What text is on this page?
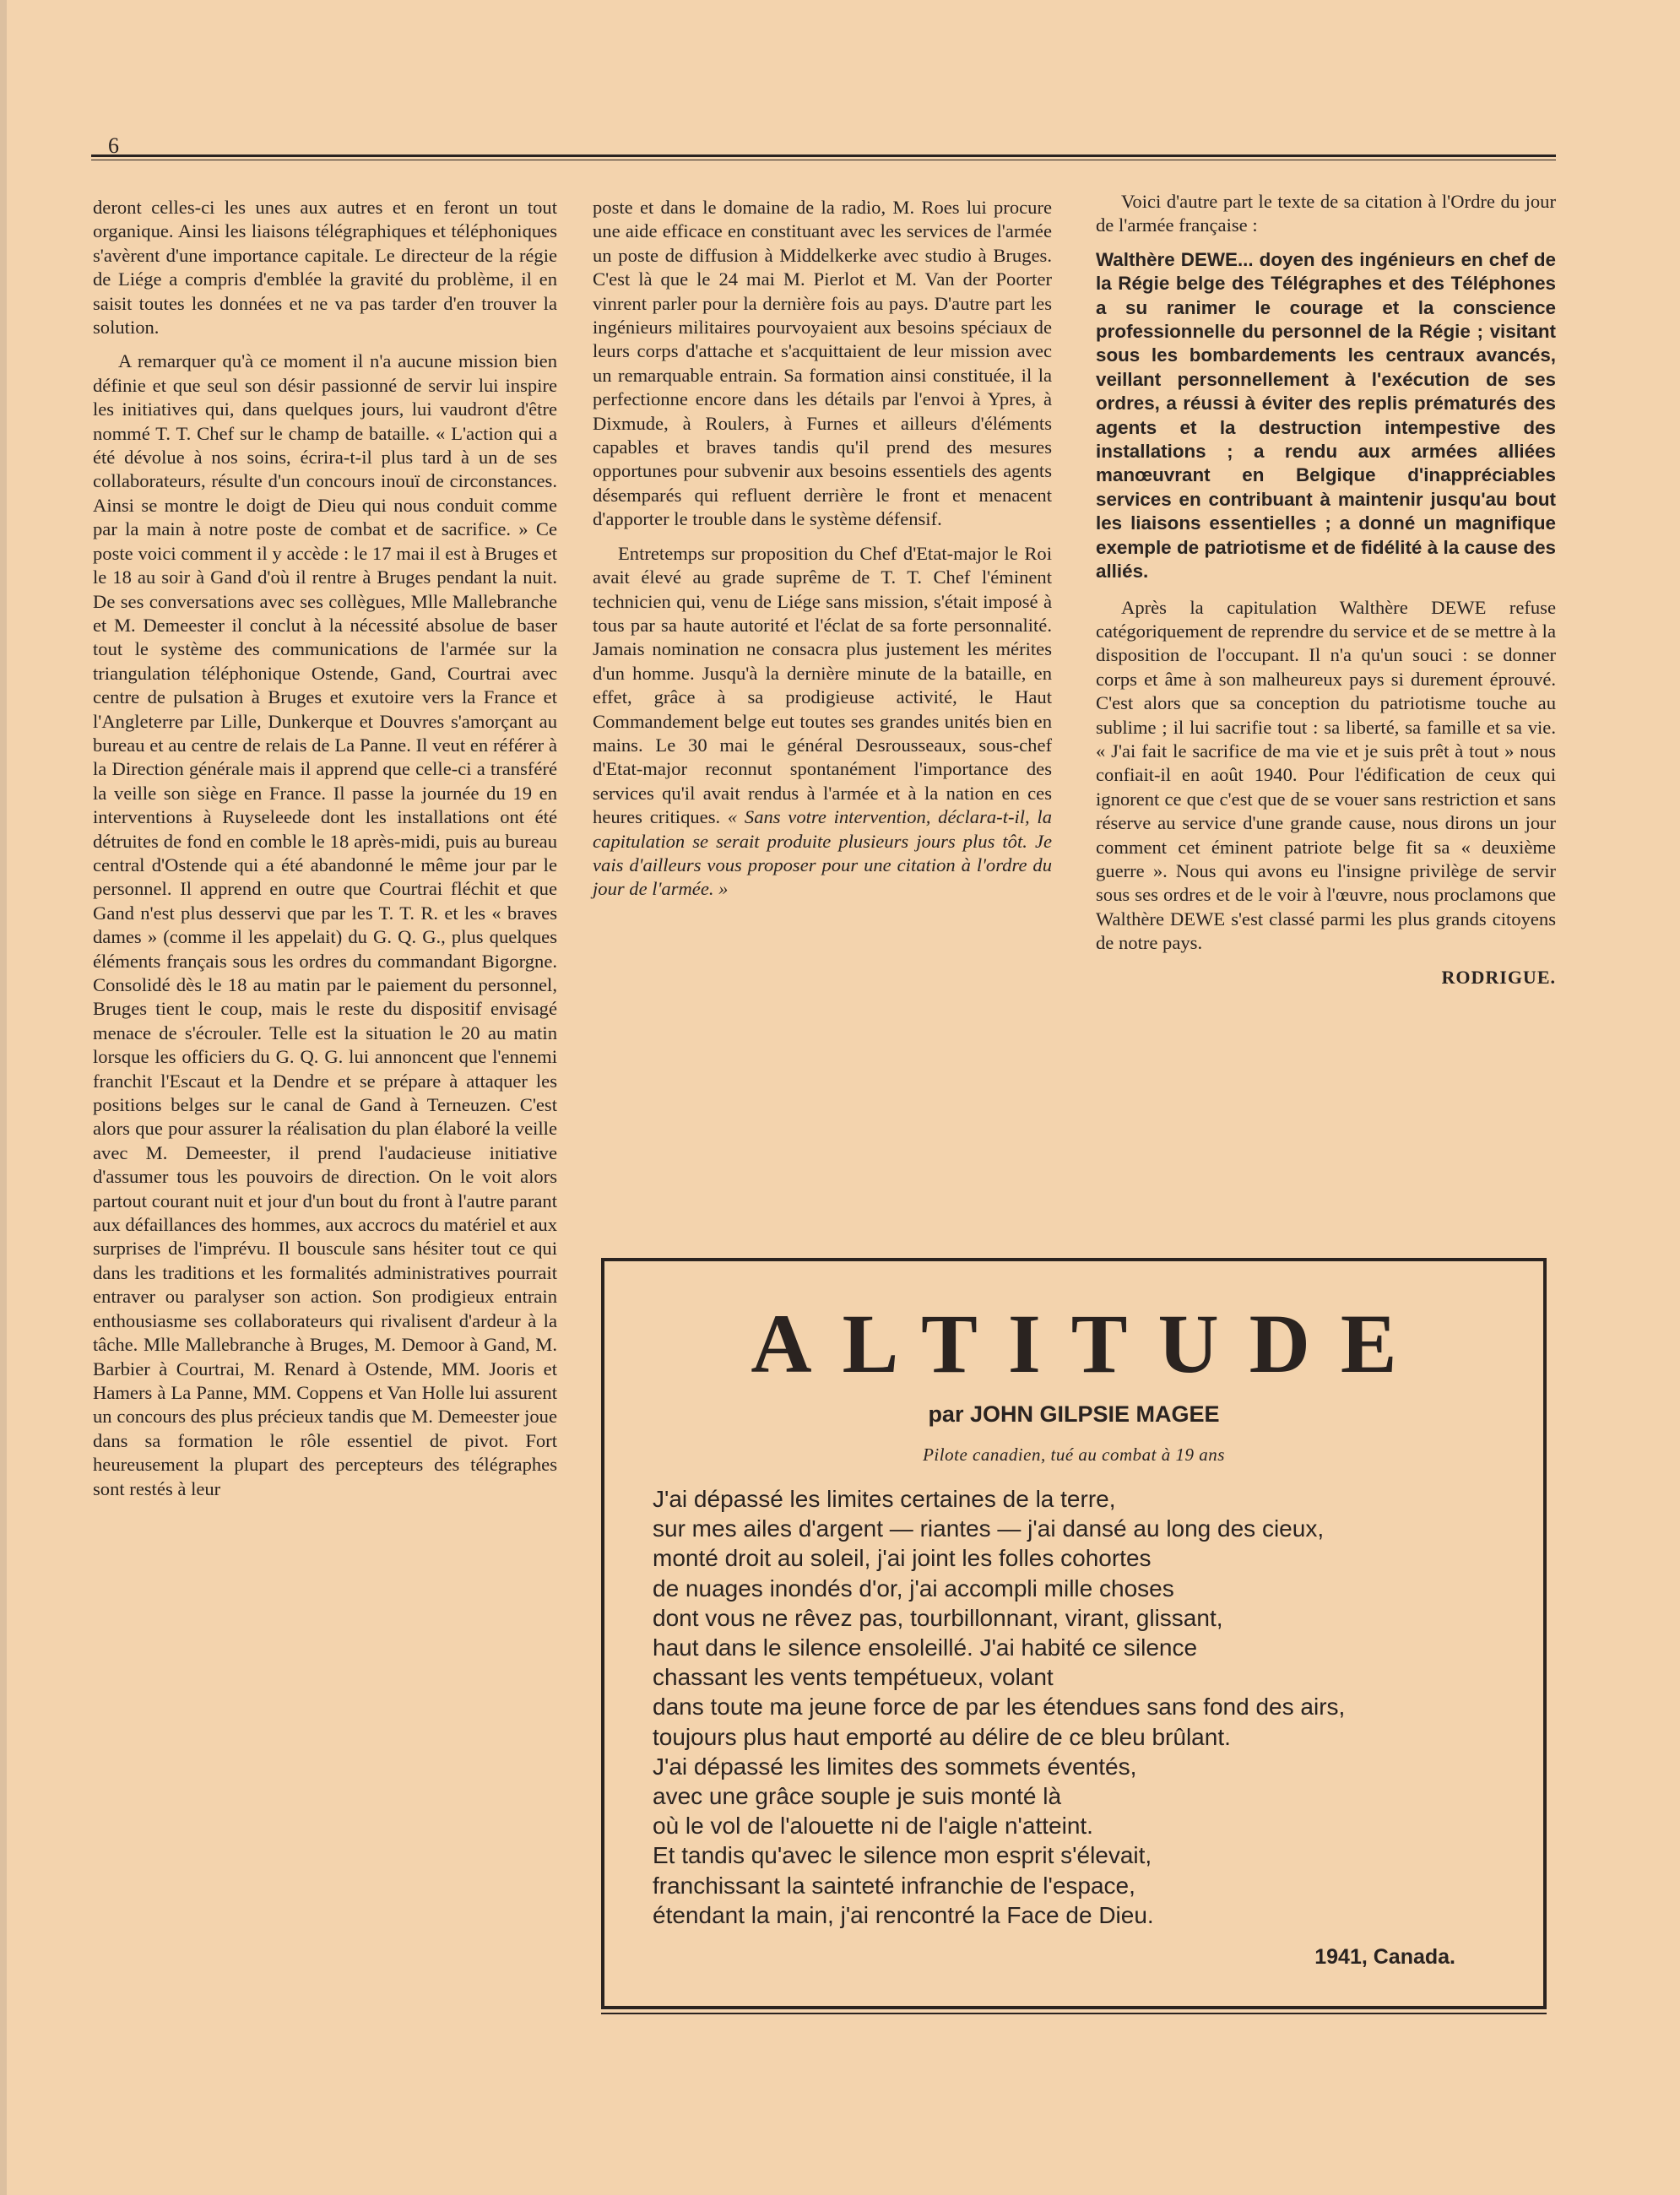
6

deront celles-ci les unes aux autres et en feront un tout organique. Ainsi les liaisons télégraphiques et téléphoniques s'avèrent d'une importance capitale. Le directeur de la régie de Liége a compris d'emblée la gravité du problème, il en saisit toutes les données et ne va pas tarder d'en trouver la solution.

A remarquer qu'à ce moment il n'a aucune mission bien définie et que seul son désir passionné de servir lui inspire les initiatives qui, dans quelques jours, lui vaudront d'être nommé T. T. Chef sur le champ de bataille. « L'action qui a été dévolue à nos soins, écrira-t-il plus tard à un de ses collaborateurs, résulte d'un concours inouï de circonstances. Ainsi se montre le doigt de Dieu qui nous conduit comme par la main à notre poste de combat et de sacrifice. » Ce poste voici comment il y accède : le 17 mai il est à Bruges et le 18 au soir à Gand d'où il rentre à Bruges pendant la nuit. De ses conversations avec ses collègues, Mlle Mallebranche et M. Demeester il conclut à la nécessité absolue de baser tout le système des communications de l'armée sur la triangulation téléphonique Ostende, Gand, Courtrai avec centre de pulsation à Bruges et exutoire vers la France et l'Angleterre par Lille, Dunkerque et Douvres s'amorçant au bureau et au centre de relais de La Panne. Il veut en référer à la Direction générale mais il apprend que celle-ci a transféré la veille son siège en France. Il passe la journée du 19 en interventions à Ruyseleede dont les installations ont été détruites de fond en comble le 18 après-midi, puis au bureau central d'Ostende qui a été abandonné le même jour par le personnel. Il apprend en outre que Courtrai fléchit et que Gand n'est plus desservi que par les T. T. R. et les « braves dames » (comme il les appelait) du G. Q. G., plus quelques éléments français sous les ordres du commandant Bigorgne. Consolidé dès le 18 au matin par le paiement du personnel, Bruges tient le coup, mais le reste du dispositif envisagé menace de s'écrouler. Telle est la situation le 20 au matin lorsque les officiers du G. Q. G. lui annoncent que l'ennemi franchit l'Escaut et la Dendre et se prépare à attaquer les positions belges sur le canal de Gand à Terneuzen. C'est alors que pour assurer la réalisation du plan élaboré la veille avec M. Demeester, il prend l'audacieuse initiative d'assumer tous les pouvoirs de direction. On le voit alors partout courant nuit et jour d'un bout du front à l'autre parant aux défaillances des hommes, aux accrocs du matériel et aux surprises de l'imprévu. Il bouscule sans hésiter tout ce qui dans les traditions et les formalités administratives pourrait entraver ou paralyser son action. Son prodigieux entrain enthousiasme ses collaborateurs qui rivalisent d'ardeur à la tâche. Mlle Mallebranche à Bruges, M. Demoor à Gand, M. Barbier à Courtrai, M. Renard à Ostende, MM. Jooris et Hamers à La Panne, MM. Coppens et Van Holle lui assurent un concours des plus précieux tandis que M. Demeester joue dans sa formation le rôle essentiel de pivot. Fort heureusement la plupart des percepteurs des télégraphes sont restés à leur

poste et dans le domaine de la radio, M. Roes lui procure une aide efficace en constituant avec les services de l'armée un poste de diffusion à Middelkerke avec studio à Bruges. C'est là que le 24 mai M. Pierlot et M. Van der Poorter vinrent parler pour la dernière fois au pays. D'autre part les ingénieurs militaires pourvoyaient aux besoins spéciaux de leurs corps d'attache et s'acquittaient de leur mission avec un remarquable entrain. Sa formation ainsi constituée, il la perfectionne encore dans les détails par l'envoi à Ypres, à Dixmude, à Roulers, à Furnes et ailleurs d'éléments capables et braves tandis qu'il prend des mesures opportunes pour subvenir aux besoins essentiels des agents désemparés qui refluent derrière le front et menacent d'apporter le trouble dans le système défensif.

Entretemps sur proposition du Chef d'Etat-major le Roi avait élevé au grade suprême de T. T. Chef l'éminent technicien qui, venu de Liége sans mission, s'était imposé à tous par sa haute autorité et l'éclat de sa forte personnalité. Jamais nomination ne consacra plus justement les mérites d'un homme. Jusqu'à la dernière minute de la bataille, en effet, grâce à sa prodigieuse activité, le Haut Commandement belge eut toutes ses grandes unités bien en mains. Le 30 mai le général Desrousseaux, sous-chef d'Etat-major reconnut spontanément l'importance des services qu'il avait rendus à l'armée et à la nation en ces heures critiques. « Sans votre intervention, déclara-t-il, la capitulation se serait produite plusieurs jours plus tôt. Je vais d'ailleurs vous proposer pour une citation à l'ordre du jour de l'armée. »

Voici d'autre part le texte de sa citation à l'Ordre du jour de l'armée française :

Walthère DEWE... doyen des ingénieurs en chef de la Régie belge des Télégraphes et des Téléphones a su ranimer le courage et la conscience professionnelle du personnel de la Régie ; visitant sous les bombardements les centraux avancés, veillant personnellement à l'exécution de ses ordres, a réussi à éviter des replis prématurés des agents et la destruction intempestive des installations ; a rendu aux armées alliées manœuvrant en Belgique d'inappréciables services en contribuant à maintenir jusqu'au bout les liaisons essentielles ; a donné un magnifique exemple de patriotisme et de fidélité à la cause des alliés.

Après la capitulation Walthère DEWE refuse catégoriquement de reprendre du service et de se mettre à la disposition de l'occupant. Il n'a qu'un souci : se donner corps et âme à son malheureux pays si durement éprouvé. C'est alors que sa conception du patriotisme touche au sublime ; il lui sacrifie tout : sa liberté, sa famille et sa vie. « J'ai fait le sacrifice de ma vie et je suis prêt à tout » nous confiait-il en août 1940. Pour l'édification de ceux qui ignorent ce que c'est que de se vouer sans restriction et sans réserve au service d'une grande cause, nous dirons un jour comment cet éminent patriote belge fit sa « deuxième guerre ». Nous qui avons eu l'insigne privilège de servir sous ses ordres et de le voir à l'œuvre, nous proclamons que Walthère DEWE s'est classé parmi les plus grands citoyens de notre pays.

RODRIGUE.
ALTITUDE
par JOHN GILPSIE MAGEE
Pilote canadien, tué au combat à 19 ans
J'ai dépassé les limites certaines de la terre,
sur mes ailes d'argent — riantes — j'ai dansé au long des cieux,
monté droit au soleil, j'ai joint les folles cohortes
de nuages inondés d'or, j'ai accompli mille choses
dont vous ne rêvez pas, tourbillonnant, virant, glissant,
haut dans le silence ensoleillé. J'ai habité ce silence
chassant les vents tempétueux, volant
dans toute ma jeune force de par les étendues sans fond des airs,
toujours plus haut emporté au délire de ce bleu brûlant.
J'ai dépassé les limites des sommets éventés,
avec une grâce souple je suis monté là
où le vol de l'alouette ni de l'aigle n'atteint.
Et tandis qu'avec le silence mon esprit s'élevait,
franchissant la sainteté infranchie de l'espace,
étendant la main, j'ai rencontré la Face de Dieu.
1941, Canada.
